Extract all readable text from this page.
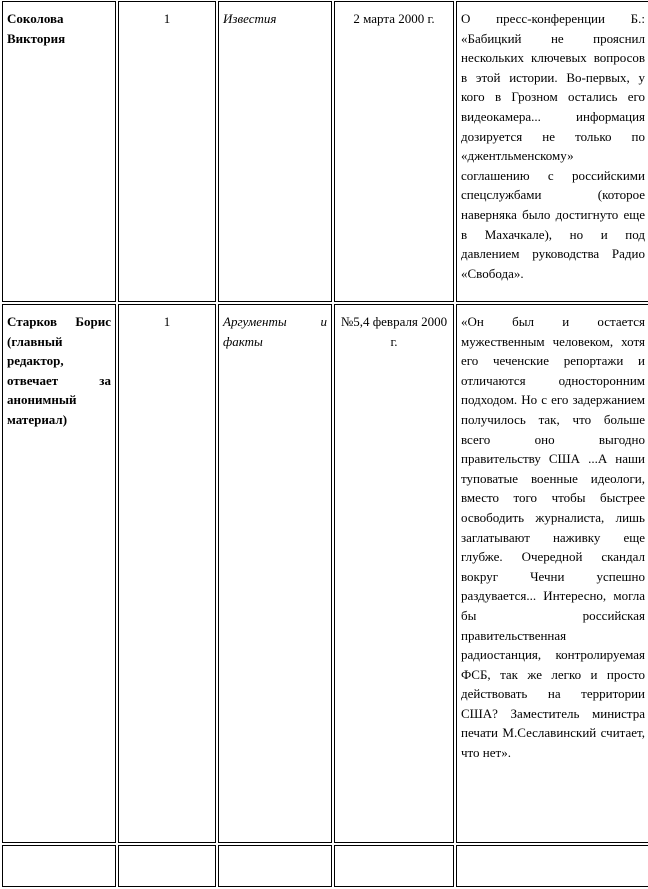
Соколова Виктория	1	Известия	2 марта 2000 г.	О пресс-конференции Б.: «Бабицкий не прояснил нескольких ключевых вопросов в этой истории. Во-первых, у кого в Грозном остались его видеокамера... информация дозируется не только по «джентльменскому» соглашению с российскими спецслужбами (которое наверняка было достигнуто еще в Махачкале), но и под давлением руководства Радио «Свобода».
Старков Борис (главный редактор, отвечает за анонимный материал)	1	Аргументы и факты	№5,4 февраля 2000 г.	«Он был и остается мужественным человеком, хотя его чеченские репортажи и отличаются односторонним подходом. Но с его задержанием получилось так, что больше всего оно выгодно правительству США ...А наши туповатые военные идеологи, вместо того чтобы быстрее освободить журналиста, лишь заглатывают наживку еще глубже. Очередной скандал вокруг Чечни успешно раздувается... Интересно, могла бы российская правительственная радиостанция, контролируемая ФСБ, так же легко и просто действовать на территории США? Заместитель министра печати М.Сеславинский считает, что нет».
